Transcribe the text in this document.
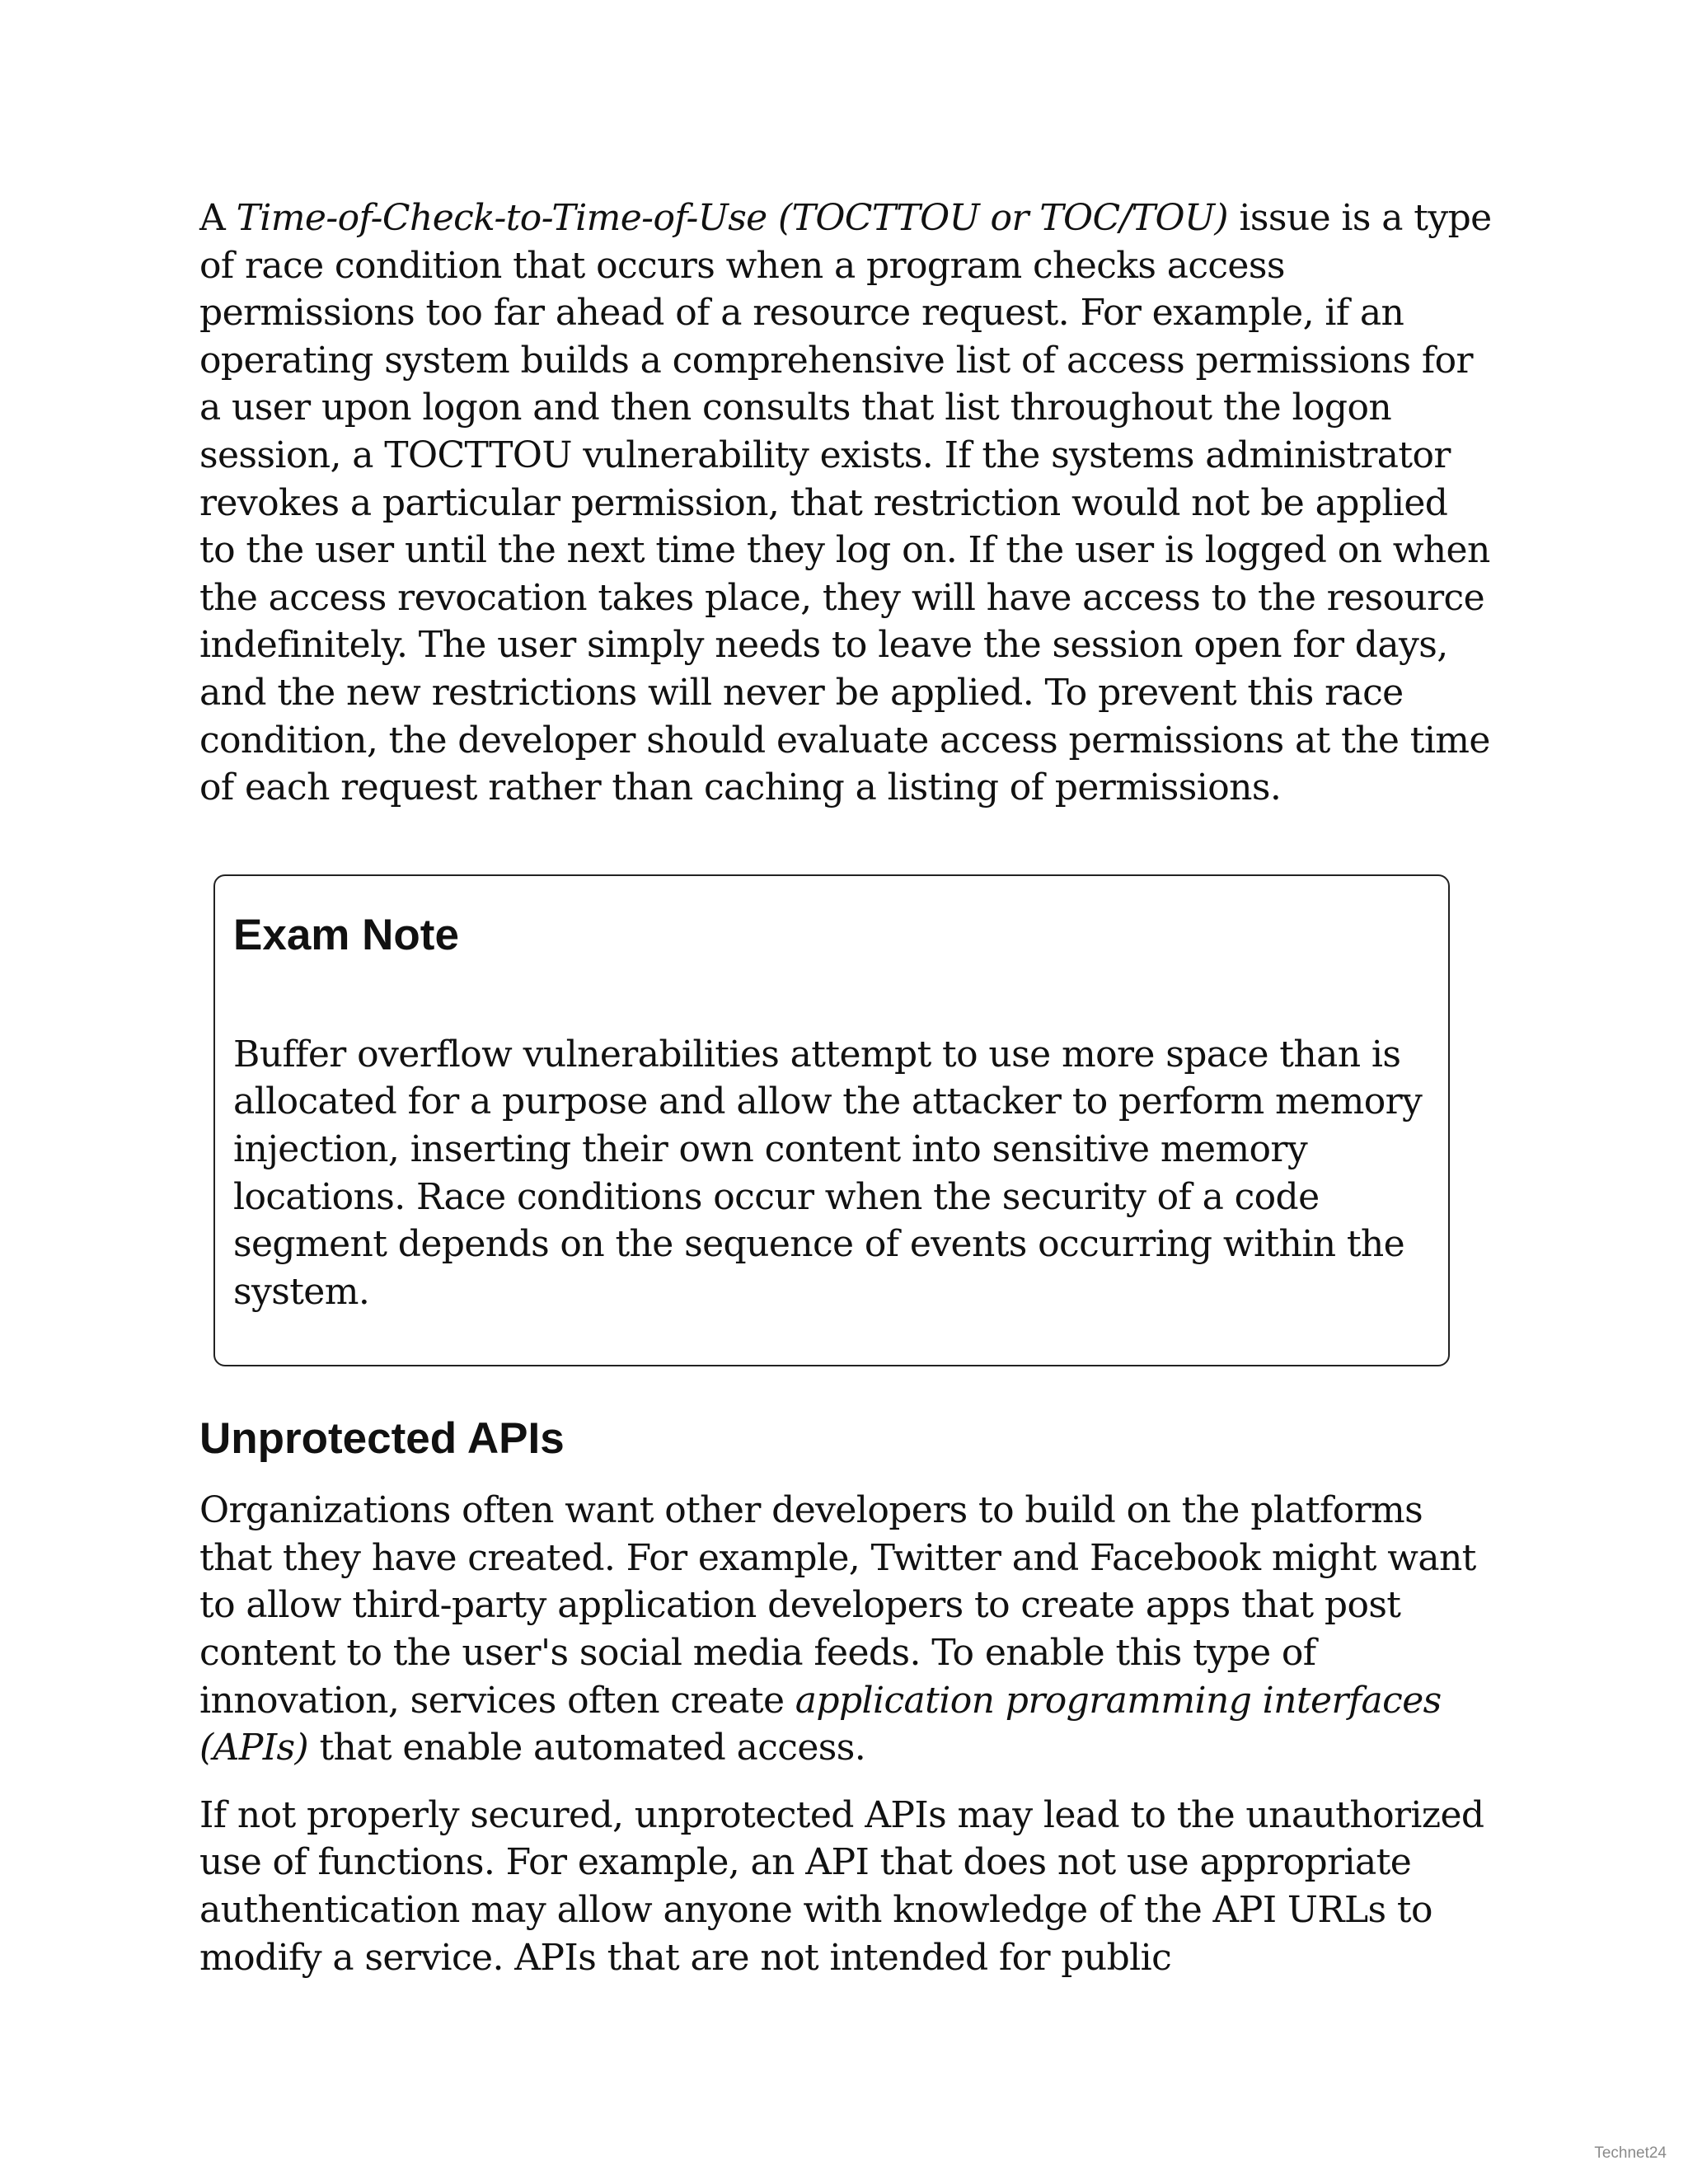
A Time-of-Check-to-Time-of-Use (TOCTTOU or TOC/TOU) issue is a type of race condition that occurs when a program checks access permissions too far ahead of a resource request. For example, if an operating system builds a comprehensive list of access permissions for a user upon logon and then consults that list throughout the logon session, a TOCTTOU vulnerability exists. If the systems administrator revokes a particular permission, that restriction would not be applied to the user until the next time they log on. If the user is logged on when the access revocation takes place, they will have access to the resource indefinitely. The user simply needs to leave the session open for days, and the new restrictions will never be applied. To prevent this race condition, the developer should evaluate access permissions at the time of each request rather than caching a listing of permissions.

Exam Note

Buffer overflow vulnerabilities attempt to use more space than is allocated for a purpose and allow the attacker to perform memory injection, inserting their own content into sensitive memory locations. Race conditions occur when the security of a code segment depends on the sequence of events occurring within the system.

Unprotected APIs

Organizations often want other developers to build on the platforms that they have created. For example, Twitter and Facebook might want to allow third-party application developers to create apps that post content to the user's social media feeds. To enable this type of innovation, services often create application programming interfaces (APIs) that enable automated access.

If not properly secured, unprotected APIs may lead to the unauthorized use of functions. For example, an API that does not use appropriate authentication may allow anyone with knowledge of the API URLs to modify a service. APIs that are not intended for public

Technet24
